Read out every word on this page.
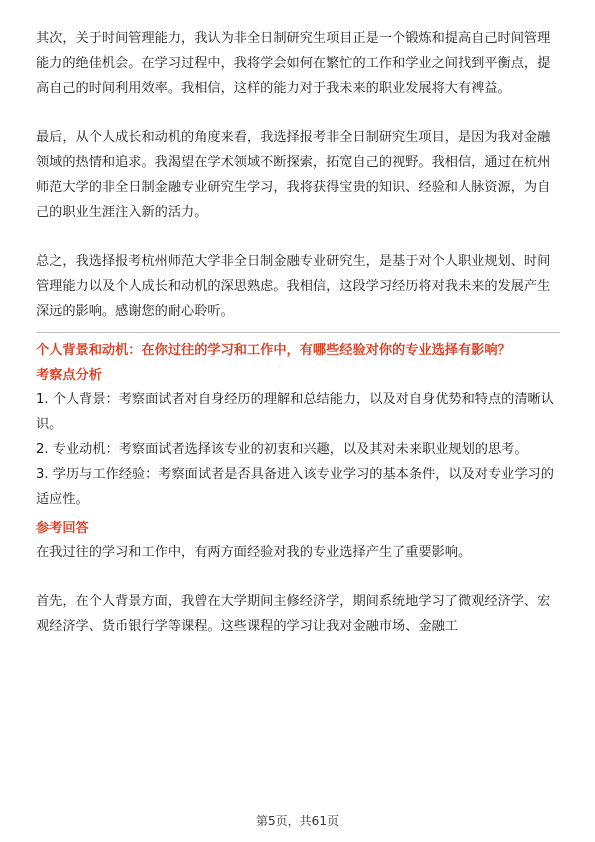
其次，关于时间管理能力，我认为非全日制研究生项目正是一个锻炼和提高自己时间管理能力的绝佳机会。在学习过程中，我将学会如何在繁忙的工作和学业之间找到平衡点，提高自己的时间利用效率。我相信，这样的能力对于我未来的职业发展将大有裨益。

最后，从个人成长和动机的角度来看，我选择报考非全日制研究生项目，是因为我对金融领域的热情和追求。我渴望在学术领域不断探索，拓宽自己的视野。我相信，通过在杭州师范大学的非全日制金融专业研究生学习，我将获得宝贵的知识、经验和人脉资源，为自己的职业生涯注入新的活力。

总之，我选择报考杭州师范大学非全日制金融专业研究生，是基于对个人职业规划、时间管理能力以及个人成长和动机的深思熟虑。我相信，这段学习经历将对我未来的发展产生深远的影响。感谢您的耐心聆听。

个人背景和动机：在你过往的学习和工作中，有哪些经验对你的专业选择有影响？
考察点分析

1. 个人背景：考察面试者对自身经历的理解和总结能力，以及对自身优势和特点的清晰认识。

2. 专业动机：考察面试者选择该专业的初衷和兴趣，以及其对未来职业规划的思考。

3. 学历与工作经验：考察面试者是否具备进入该专业学习的基本条件，以及对专业学习的适应性。

参考回答

在我过往的学习和工作中，有两方面经验对我的专业选择产生了重要影响。

首先，在个人背景方面，我曾在大学期间主修经济学，期间系统地学习了微观经济学、宏观经济学、货币银行学等课程。这些课程的学习让我对金融市场、金融工

第5页，共61页
